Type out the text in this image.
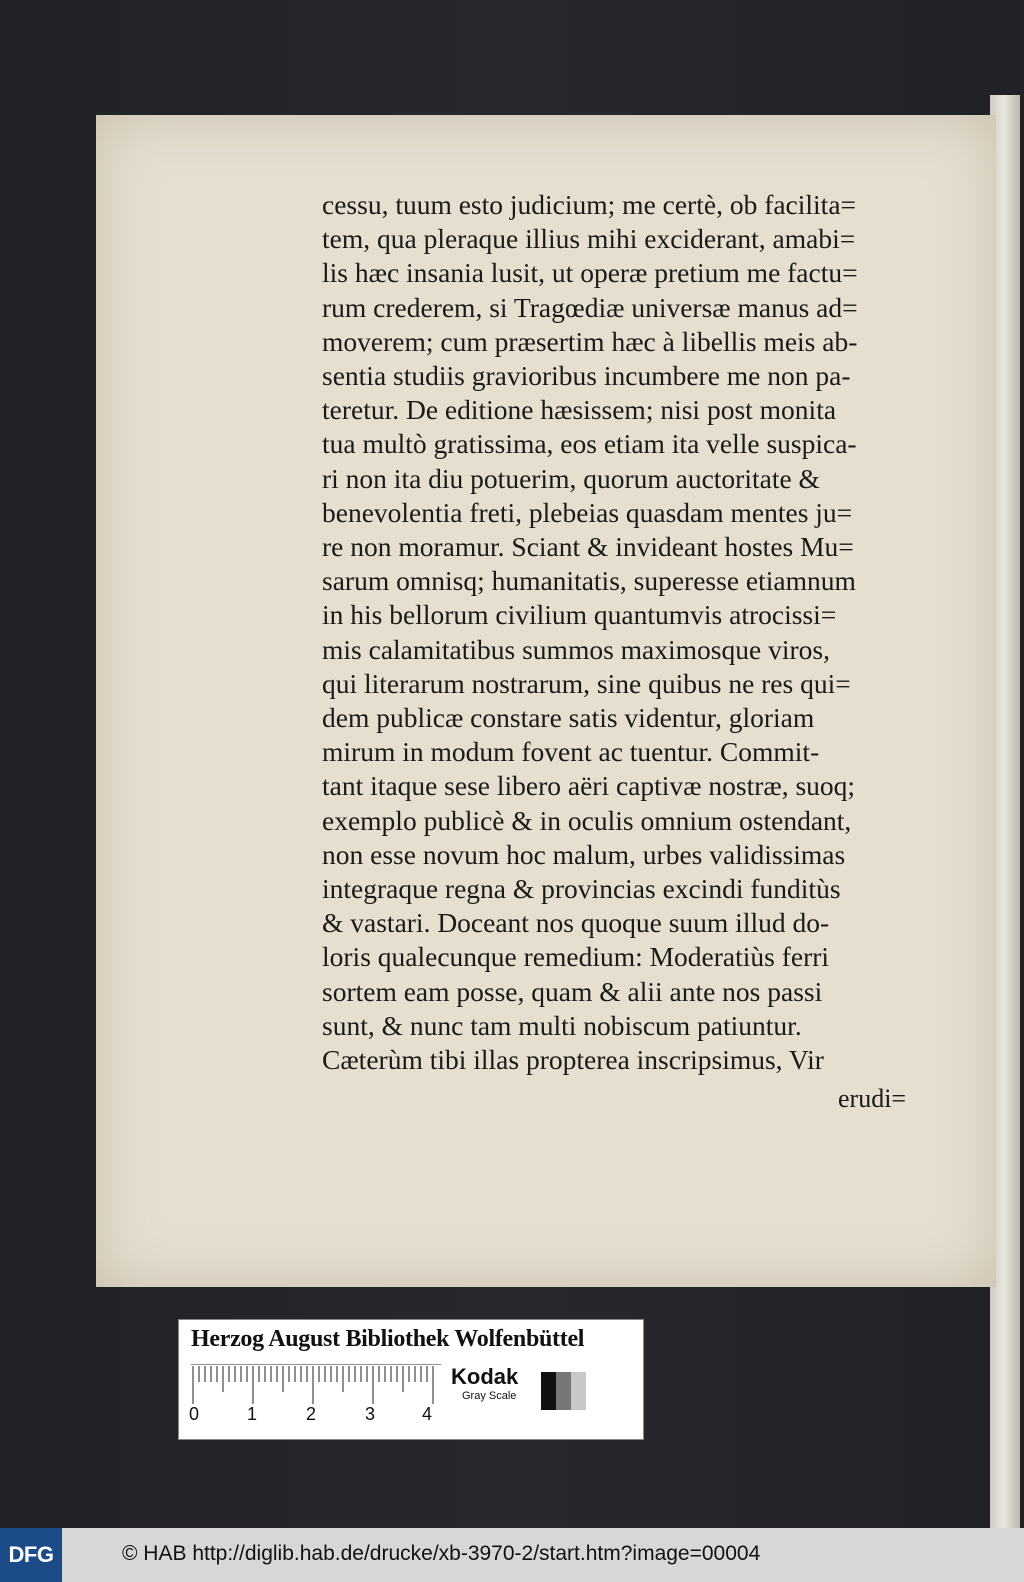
cessu, tuum esto judicium; me certè, ob facilita=
tem, qua pleraque illius mihi exciderant, amabi=
lis hæc insania lusit, ut operæ pretium me factu=
rum crederem, si Tragœdiæ universæ manus ad=
moverem; cum præsertim hæc à libellis meis ab-
sentia studiis gravioribus incumbere me non pa-
teretur. De editione hæsissem; nisi post monita
tua multò gratissima, eos etiam ita velle suspica-
ri non ita diu potuerim, quorum auctoritate &
benevolentia freti, plebeias quasdam mentes ju=
re non moramur. Sciant & invideant hostes Mu=
sarum omnisq; humanitatis, superesse etiamnum
in his bellorum civilium quantumvis atrocissi=
mis calamitatibus summos maximosque viros,
qui literarum nostrarum, sine quibus ne res qui=
dem publicæ constare satis videntur, gloriam
mirum in modum fovent ac tuentur. Commit-
tant itaque sese libero aëri captivæ nostræ, suoq;
exemplo publicè & in oculis omnium ostendant,
non esse novum hoc malum, urbes validissimas
integraque regna & provincias excindi funditùs
& vastari. Doceant nos quoque suum illud do-
loris qualecunque remedium: Moderatiùs ferri
sortem eam posse, quam & alii ante nos passi
sunt, & nunc tam multi nobiscum patiuntur.
Cæterùm tibi illas propterea inscripsimus, Vir
erudi=
Herzog August Bibliothek Wolfenbüttel
0	1	2	3	4
Kodak
Gray Scale
DFG	© HAB http://diglib.hab.de/drucke/xb-3970-2/start.htm?image=00004
